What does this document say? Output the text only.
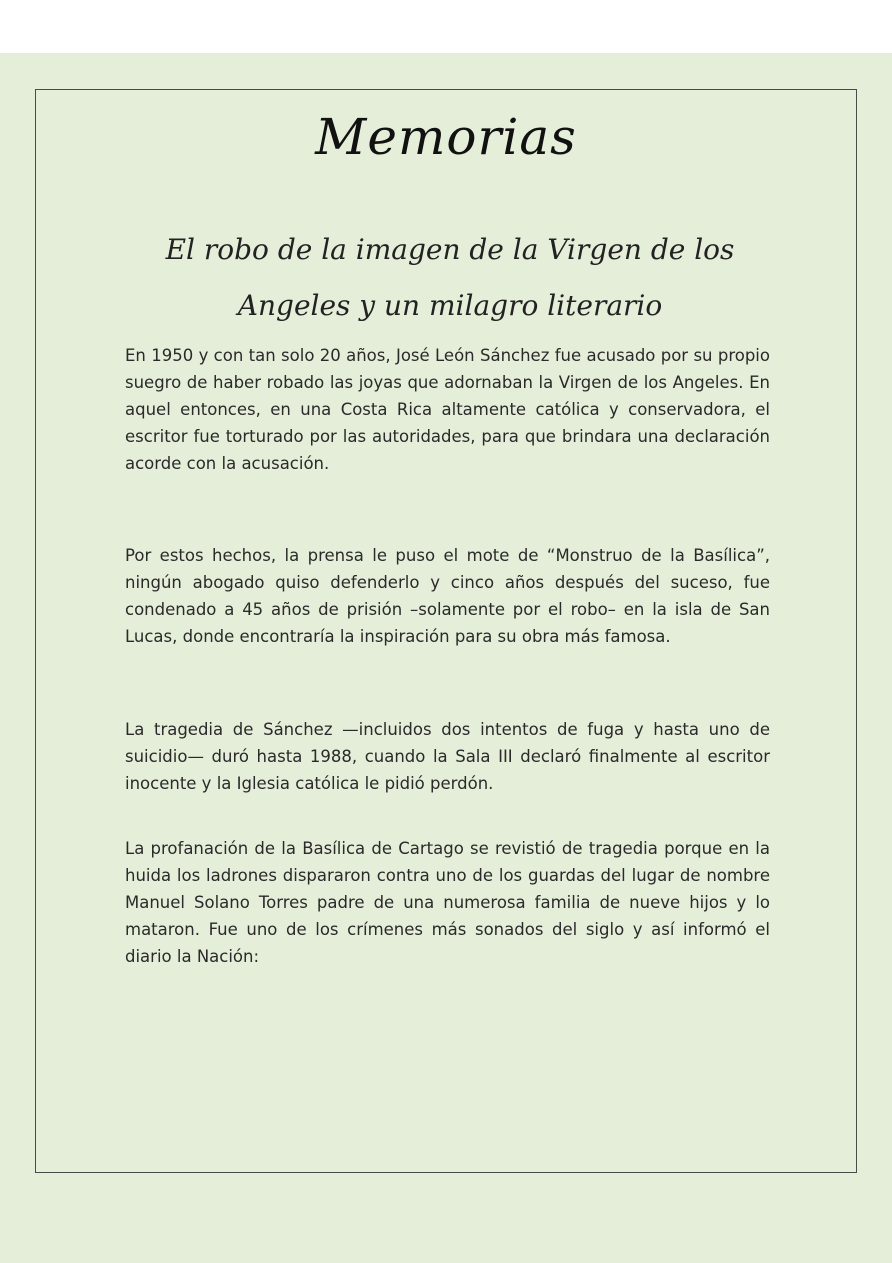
Memorias
El robo de la imagen de la Virgen de los Angeles y un milagro literario

En 1950 y con tan solo 20 años, José León Sánchez fue acusado por su propio suegro de haber robado las joyas que adornaban la Virgen de los Angeles. En aquel entonces, en una Costa Rica altamente católica y conservadora, el escritor fue torturado por las autoridades, para que brindara una declaración acorde con la acusación.

Por estos hechos, la prensa le puso el mote de “Monstruo de la Basílica”, ningún abogado quiso defenderlo y cinco años después del suceso, fue condenado a 45 años de prisión –solamente por el robo– en la isla de San Lucas, donde encontraría la inspiración para su obra más famosa.

La tragedia de Sánchez —incluidos dos intentos de fuga y hasta uno de suicidio— duró hasta 1988, cuando la Sala III declaró finalmente al escritor inocente y la Iglesia católica le pidió perdón.

La profanación de la Basílica de Cartago se revistió de tragedia porque en la huida los ladrones dispararon contra uno de los guardas del lugar de nombre Manuel Solano Torres padre de una numerosa familia de nueve hijos y lo mataron. Fue uno de los crímenes más sonados del siglo y así informó el diario la Nación:
